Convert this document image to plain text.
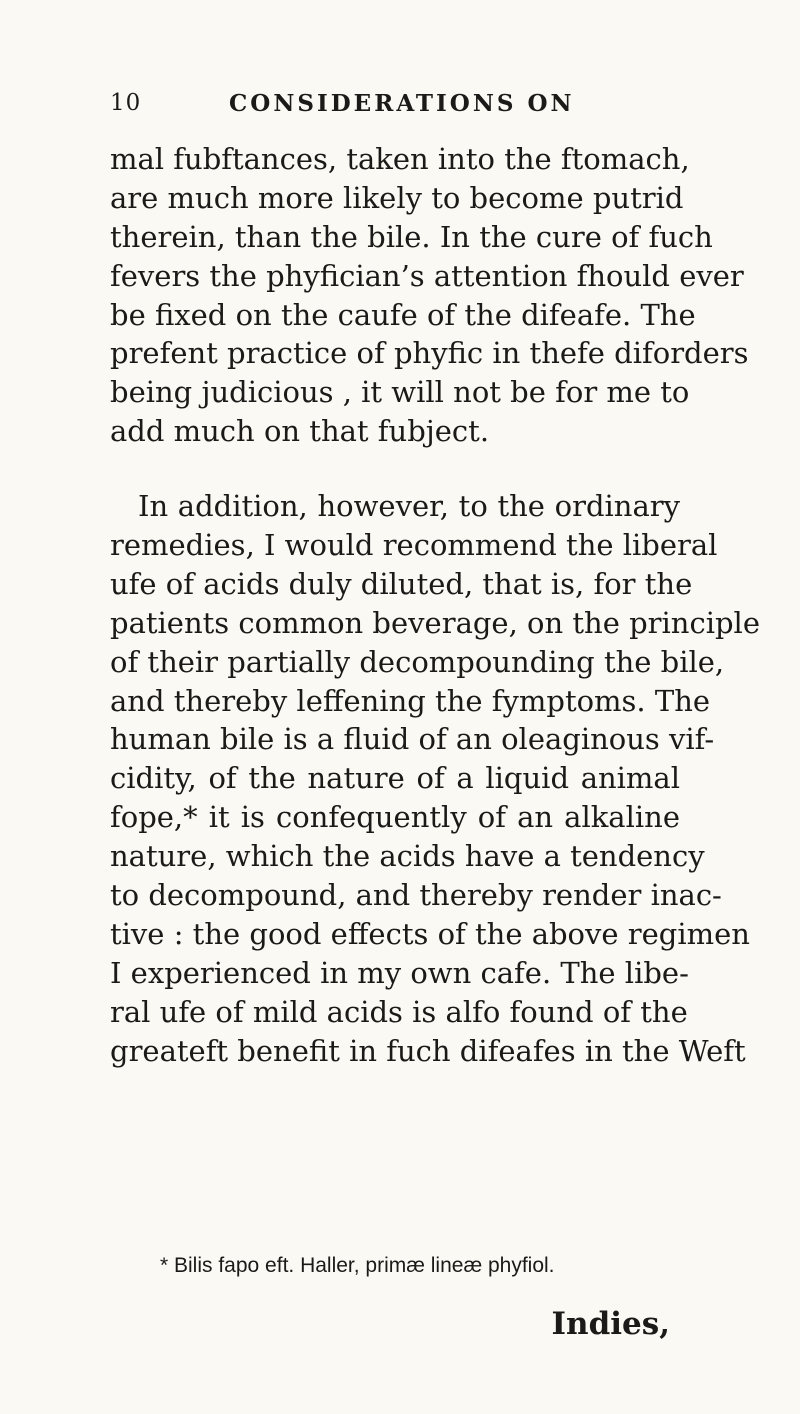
10	CONSIDERATIONS ON
mal fubftances, taken into the ftomach,
are much more likely to become putrid
therein, than the bile. In the cure of fuch
fevers the phyfician’s attention fhould ever
be fixed on the caufe of the difeafe. The
prefent practice of phyfic in thefe diforders
being judicious , it will not be for me to
add much on that fubject.
In addition, however, to the ordinary
remedies, I would recommend the liberal
ufe of acids duly diluted, that is, for the
patients common beverage, on the principle
of their partially decompounding the bile,
and thereby leffening the fymptoms. The
human bile is a fluid of an oleaginous vif-
cidity, of the nature of a liquid animal
fope,* it is confequently of an alkaline
nature, which the acids have a tendency
to decompound, and thereby render inac-
tive : the good effects of the above regimen
I experienced in my own cafe. The libe-
ral ufe of mild acids is alfo found of the
greateft benefit in fuch difeafes in the Weft
* Bilis fapo eft. Haller, primæ lineæ phyfiol.
Indies,
